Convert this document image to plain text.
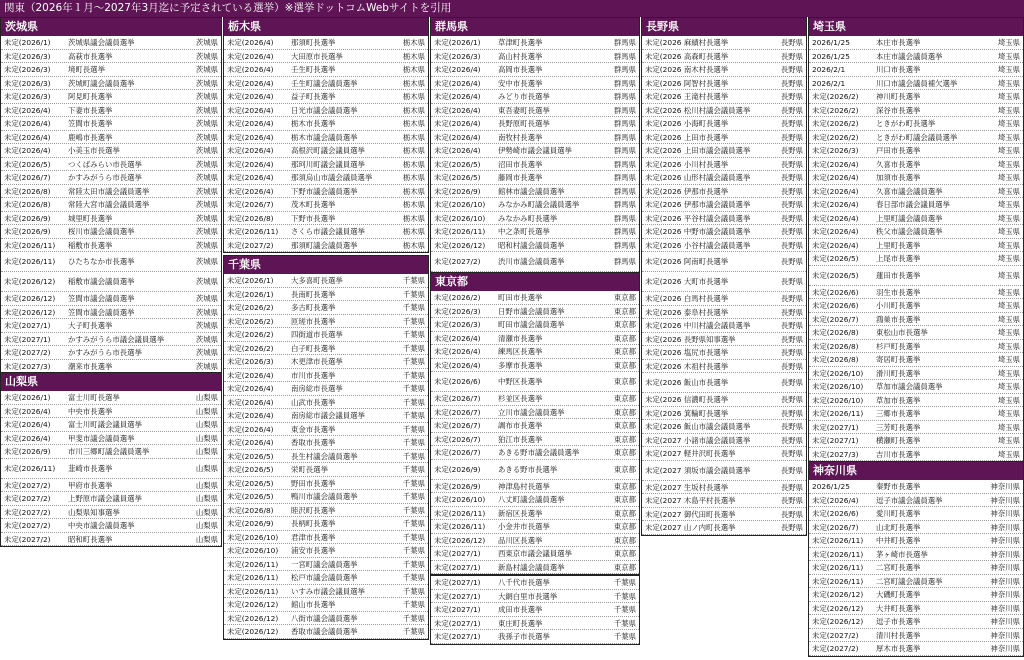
関東（2026年１月～2027年3月迄に予定されている選挙）※選挙ドットコムWebサイトを引用
茨城県
未定(2026/1)	茨城県議会議員選挙	茨城県
未定(2026/3)	高萩市長選挙	茨城県
未定(2026/3)	境町長選挙	茨城県
未定(2026/3)	茨城町議会議員選挙	茨城県
未定(2026/3)	阿見町長選挙	茨城県
未定(2026/4)	下妻市長選挙	茨城県
未定(2026/4)	笠間市長選挙	茨城県
未定(2026/4)	鹿嶋市長選挙	茨城県
未定(2026/4)	小美玉市長選挙	茨城県
未定(2026/5)	つくばみらい市長選挙	茨城県
未定(2026/7)	かすみがうら市長選挙	茨城県
未定(2026/8)	常陸太田市議会議員選挙	茨城県
未定(2026/8)	常陸大宮市議会議員選挙	茨城県
未定(2026/9)	城里町長選挙	茨城県
未定(2026/9)	桜川市議会議員選挙	茨城県
未定(2026/11)	稲敷市長選挙	茨城県
未定(2026/11)	ひたちなか市長選挙	茨城県
未定(2026/12)	稲敷市議会議員選挙	茨城県
未定(2026/12)	笠間市議会議員選挙	茨城県
未定(2026/12)	笠間市議会議員選挙	茨城県
未定(2027/1)	大子町長選挙	茨城県
未定(2027/1)	かすみがうら市議会議員選挙	茨城県
未定(2027/2)	かすみがうら市長選挙	茨城県
未定(2027/3)	潮来市長選挙	茨城県
山梨県
未定(2026/1)	富士川町長選挙	山梨県
未定(2026/4)	中央市長選挙	山梨県
未定(2026/4)	富士川町議会議員選挙	山梨県
未定(2026/4)	甲斐市議会議員選挙	山梨県
未定(2026/9)	市川三郷町議会議員選挙	山梨県
未定(2026/11)	韮崎市長選挙	山梨県
未定(2027/2)	甲府市長選挙	山梨県
未定(2027/2)	上野原市議会議員選挙	山梨県
未定(2027/2)	山梨県知事選挙	山梨県
未定(2027/2)	中央市議会議員選挙	山梨県
未定(2027/2)	昭和町長選挙	山梨県
栃木県
未定(2026/4)	那須町長選挙	栃木県
未定(2026/4)	大田原市長選挙	栃木県
未定(2026/4)	壬生町長選挙	栃木県
未定(2026/4)	壬生町議会議員選挙	栃木県
未定(2026/4)	益子町長選挙	栃木県
未定(2026/4)	日光市議会議員選挙	栃木県
未定(2026/4)	栃木市長選挙	栃木県
未定(2026/4)	栃木市議会議員選挙	栃木県
未定(2026/4)	高根沢町議会議員選挙	栃木県
未定(2026/4)	那珂川町議会議員選挙	栃木県
未定(2026/4)	那須烏山市議会議員選挙	栃木県
未定(2026/4)	下野市議会議員選挙	栃木県
未定(2026/7)	茂木町長選挙	栃木県
未定(2026/8)	下野市長選挙	栃木県
未定(2026/11)	さくら市議会議員選挙	栃木県
未定(2027/2)	那須町議会議員選挙	栃木県
千葉県
未定(2026/1)	大多喜町長選挙	千葉県
未定(2026/1)	長南町長選挙	千葉県
未定(2026/2)	多古町長選挙	千葉県
未定(2026/2)	匝瑳市長選挙	千葉県
未定(2026/2)	四街道市長選挙	千葉県
未定(2026/2)	白子町長選挙	千葉県
未定(2026/3)	木更津市長選挙	千葉県
未定(2026/4)	市川市長選挙	千葉県
未定(2026/4)	南房総市長選挙	千葉県
未定(2026/4)	山武市長選挙	千葉県
未定(2026/4)	南房総市議会議員選挙	千葉県
未定(2026/4)	東金市長選挙	千葉県
未定(2026/4)	香取市長選挙	千葉県
未定(2026/5)	長生村議会議員選挙	千葉県
未定(2026/5)	栄町長選挙	千葉県
未定(2026/5)	野田市長選挙	千葉県
未定(2026/5)	鴨川市議会議員選挙	千葉県
未定(2026/8)	睦沢町長選挙	千葉県
未定(2026/9)	長柄町長選挙	千葉県
未定(2026/10)	君津市長選挙	千葉県
未定(2026/10)	浦安市長選挙	千葉県
未定(2026/11)	一宮町議会議員選挙	千葉県
未定(2026/11)	松戸市議会議員選挙	千葉県
未定(2026/11)	いすみ市議会議員選挙	千葉県
未定(2026/12)	館山市長選挙	千葉県
未定(2026/12)	八街市議会議員選挙	千葉県
未定(2026/12)	香取市議会議員選挙	千葉県
群馬県
未定(2026/1)	草津町長選挙	群馬県
未定(2026/3)	高山村長選挙	群馬県
未定(2026/4)	高岡市長選挙	群馬県
未定(2026/4)	安中市長選挙	群馬県
未定(2026/4)	みどり市長選挙	群馬県
未定(2026/4)	東吾妻町長選挙	群馬県
未定(2026/4)	長野原町長選挙	群馬県
未定(2026/4)	南牧村長選挙	群馬県
未定(2026/4)	伊勢崎市議会議員選挙	群馬県
未定(2026/5)	沼田市長選挙	群馬県
未定(2026/5)	藤岡市長選挙	群馬県
未定(2026/9)	館林市議会議員選挙	群馬県
未定(2026/10)	みなかみ町議会議員選挙	群馬県
未定(2026/10)	みなかみ町長選挙	群馬県
未定(2026/11)	中之条町長選挙	群馬県
未定(2026/12)	昭和村議会議員選挙	群馬県
未定(2027/2)	渋川市議会議員選挙	群馬県
東京都
未定(2026/2)	町田市長選挙	東京都
未定(2026/3)	日野市議会議員選挙	東京都
未定(2026/3)	町田市議会議員選挙	東京都
未定(2026/4)	清瀬市長選挙	東京都
未定(2026/4)	練馬区長選挙	東京都
未定(2026/4)	多摩市長選挙	東京都
未定(2026/6)	中野区長選挙	東京都
未定(2026/7)	杉並区長選挙	東京都
未定(2026/7)	立川市議会議員選挙	東京都
未定(2026/7)	調布市長選挙	東京都
未定(2026/7)	狛江市長選挙	東京都
未定(2026/7)	あきる野市議会議員選挙	東京都
未定(2026/9)	あきる野市長選挙	東京都
未定(2026/9)	神津島村長選挙	東京都
未定(2026/10)	八丈町議会議員選挙	東京都
未定(2026/11)	新宿区長選挙	東京都
未定(2026/11)	小金井市長選挙	東京都
未定(2026/12)	品川区長選挙	東京都
未定(2027/1)	西東京市議会議員選挙	東京都
未定(2027/1)	新島村議会議員選挙	東京都
未定(2027/1)	八千代市長選挙	千葉県
未定(2027/1)	大網白里市長選挙	千葉県
未定(2027/1)	成田市長選挙	千葉県
未定(2027/1)	東庄町長選挙	千葉県
未定(2027/1)	我孫子市長選挙	千葉県
長野県
未定(2026 麻績村長選挙	長野県
未定(2026 高森町長選挙	長野県
未定(2026 南木村長選挙	長野県
未定(2026 阿智村長選挙	長野県
未定(2026 王滝村長選挙	長野県
未定(2026 松川村議会議員選挙	長野県
未定(2026 小海町長選挙	長野県
未定(2026 上田市長選挙	長野県
未定(2026 上田市議会議員選挙	長野県
未定(2026 小川村長選挙	長野県
未定(2026 山形村議会議員選挙	長野県
未定(2026 伊那市長選挙	長野県
未定(2026 伊那市議会議員選挙	長野県
未定(2026 平谷村議会議員選挙	長野県
未定(2026 中野市議会議員選挙	長野県
未定(2026 小谷村議会議員選挙	長野県
未定(2026 阿南町長選挙	長野県
未定(2026 大町市長選挙	長野県
未定(2026 白馬村長選挙	長野県
未定(2026 泰阜村長選挙	長野県
未定(2026 中川村議会議員選挙	長野県
未定(2026 長野県知事選挙	長野県
未定(2026 塩尻市長選挙	長野県
未定(2026 木祖村長選挙	長野県
未定(2026 飯山市長選挙	長野県
未定(2026 信濃町長選挙	長野県
未定(2026 箕輪町長選挙	長野県
未定(2026 飯山市議会議員選挙	長野県
未定(2027 小諸市議会議員選挙	長野県
未定(2027 軽井沢町長選挙	長野県
未定(2027 須坂市議会議員選挙	長野県
未定(2027 生坂村長選挙	長野県
未定(2027 木島平村長選挙	長野県
未定(2027 御代田町長選挙	長野県
未定(2027 山ノ内町長選挙	長野県
埼玉県
2026/1/25	本庄市長選挙	埼玉県
2026/1/25	本庄市議会議員選挙	埼玉県
2026/2/1	川口市長選挙	埼玉県
2026/2/1	川口市議会議員補欠選挙	埼玉県
未定(2026/2)	神川町長選挙	埼玉県
未定(2026/2)	深谷市長選挙	埼玉県
未定(2026/2)	ときがわ町長選挙	埼玉県
未定(2026/2)	ときがわ町議会議員選挙	埼玉県
未定(2026/3)	戸田市長選挙	埼玉県
未定(2026/4)	久喜市長選挙	埼玉県
未定(2026/4)	加須市長選挙	埼玉県
未定(2026/4)	久喜市議会議員選挙	埼玉県
未定(2026/4)	春日部市議会議員選挙	埼玉県
未定(2026/4)	上里町議会議員選挙	埼玉県
未定(2026/4)	秩父市議会議員選挙	埼玉県
未定(2026/4)	上里町長選挙	埼玉県
未定(2026/5)	上尾市長選挙	埼玉県
未定(2026/5)	蓮田市長選挙	埼玉県
未定(2026/6)	羽生市長選挙	埼玉県
未定(2026/6)	小川町長選挙	埼玉県
未定(2026/7)	鴻巣市長選挙	埼玉県
未定(2026/8)	東松山市長選挙	埼玉県
未定(2026/8)	杉戸町長選挙	埼玉県
未定(2026/8)	寄居町長選挙	埼玉県
未定(2026/10)	滑川町長選挙	埼玉県
未定(2026/10)	草加市議会議員選挙	埼玉県
未定(2026/10)	草加市長選挙	埼玉県
未定(2026/11)	三郷市長選挙	埼玉県
未定(2027/1)	三芳町長選挙	埼玉県
未定(2027/1)	横瀬町長選挙	埼玉県
未定(2027/3)	吉川市長選挙	埼玉県
神奈川県
2026/1/25	秦野市長選挙	神奈川県
未定(2026/4)	逗子市議会議員選挙	神奈川県
未定(2026/6)	愛川町長選挙	神奈川県
未定(2026/7)	山北町長選挙	神奈川県
未定(2026/11)	中井町長選挙	神奈川県
未定(2026/11)	茅ヶ崎市長選挙	神奈川県
未定(2026/11)	二宮町長選挙	神奈川県
未定(2026/11)	二宮町議会議員選挙	神奈川県
未定(2026/12)	大磯町長選挙	神奈川県
未定(2026/12)	大井町長選挙	神奈川県
未定(2026/12)	逗子市長選挙	神奈川県
未定(2027/2)	清川村長選挙	神奈川県
未定(2027/2)	厚木市長選挙	神奈川県
